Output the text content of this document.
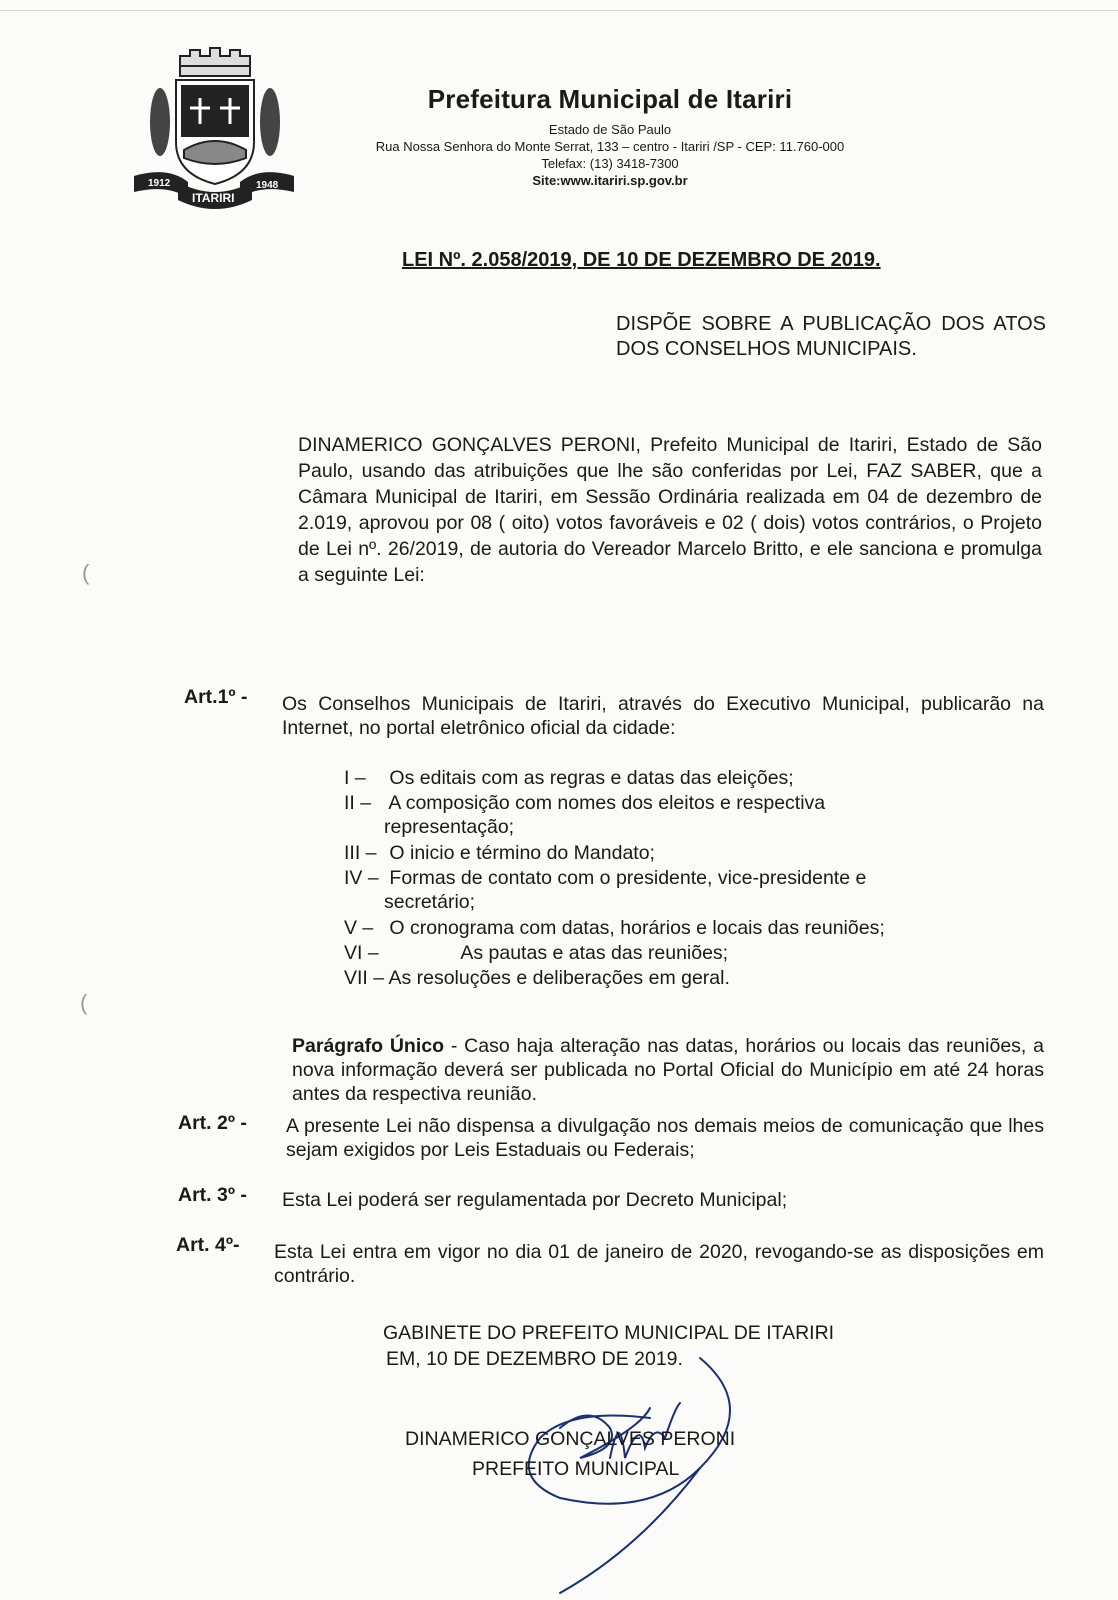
1912	1948
ITARIRI
Prefeitura Municipal de Itariri
Estado de São Paulo
Rua Nossa Senhora do Monte Serrat, 133 – centro - Itariri /SP - CEP: 11.760-000
Telefax: (13) 3418-7300
Site:www.itariri.sp.gov.br
LEI Nº. 2.058/2019, DE 10 DE DEZEMBRO DE 2019.
DISPÕE SOBRE A PUBLICAÇÃO DOS ATOS DOS CONSELHOS MUNICIPAIS.
DINAMERICO GONÇALVES PERONI, Prefeito Municipal de Itariri, Estado de São Paulo, usando das atribuições que lhe são conferidas por Lei, FAZ SABER, que a Câmara Municipal de Itariri, em Sessão Ordinária realizada em 04 de dezembro de 2.019, aprovou por 08 ( oito) votos favoráveis e 02 ( dois) votos contrários, o Projeto de Lei nº. 26/2019, de autoria do Vereador Marcelo Britto, e ele sanciona e promulga a seguinte Lei:
Art.1º - Os Conselhos Municipais de Itariri, através do Executivo Municipal, publicarão na Internet, no portal eletrônico oficial da cidade:
I – Os editais com as regras e datas das eleições;
II – A composição com nomes dos eleitos e respectiva
representação;
III – O inicio e término do Mandato;
IV – Formas de contato com o presidente, vice-presidente e
secretário;
V – O cronograma com datas, horários e locais das reuniões;
VI –	As pautas e atas das reuniões;
VII – As resoluções e deliberações em geral.
Parágrafo Único - Caso haja alteração nas datas, horários ou locais das reuniões, a nova informação deverá ser publicada no Portal Oficial do Município em até 24 horas antes da respectiva reunião.
Art. 2º - A presente Lei não dispensa a divulgação nos demais meios de comunicação que lhes sejam exigidos por Leis Estaduais ou Federais;
Art. 3º - Esta Lei poderá ser regulamentada por Decreto Municipal;
Art. 4º- Esta Lei entra em vigor no dia 01 de janeiro de 2020, revogando-se as disposições em contrário.
GABINETE DO PREFEITO MUNICIPAL DE ITARIRI
EM, 10 DE DEZEMBRO DE 2019.
DINAMERICO GONÇALVES PERONI
PREFEITO MUNICIPAL
(
(
